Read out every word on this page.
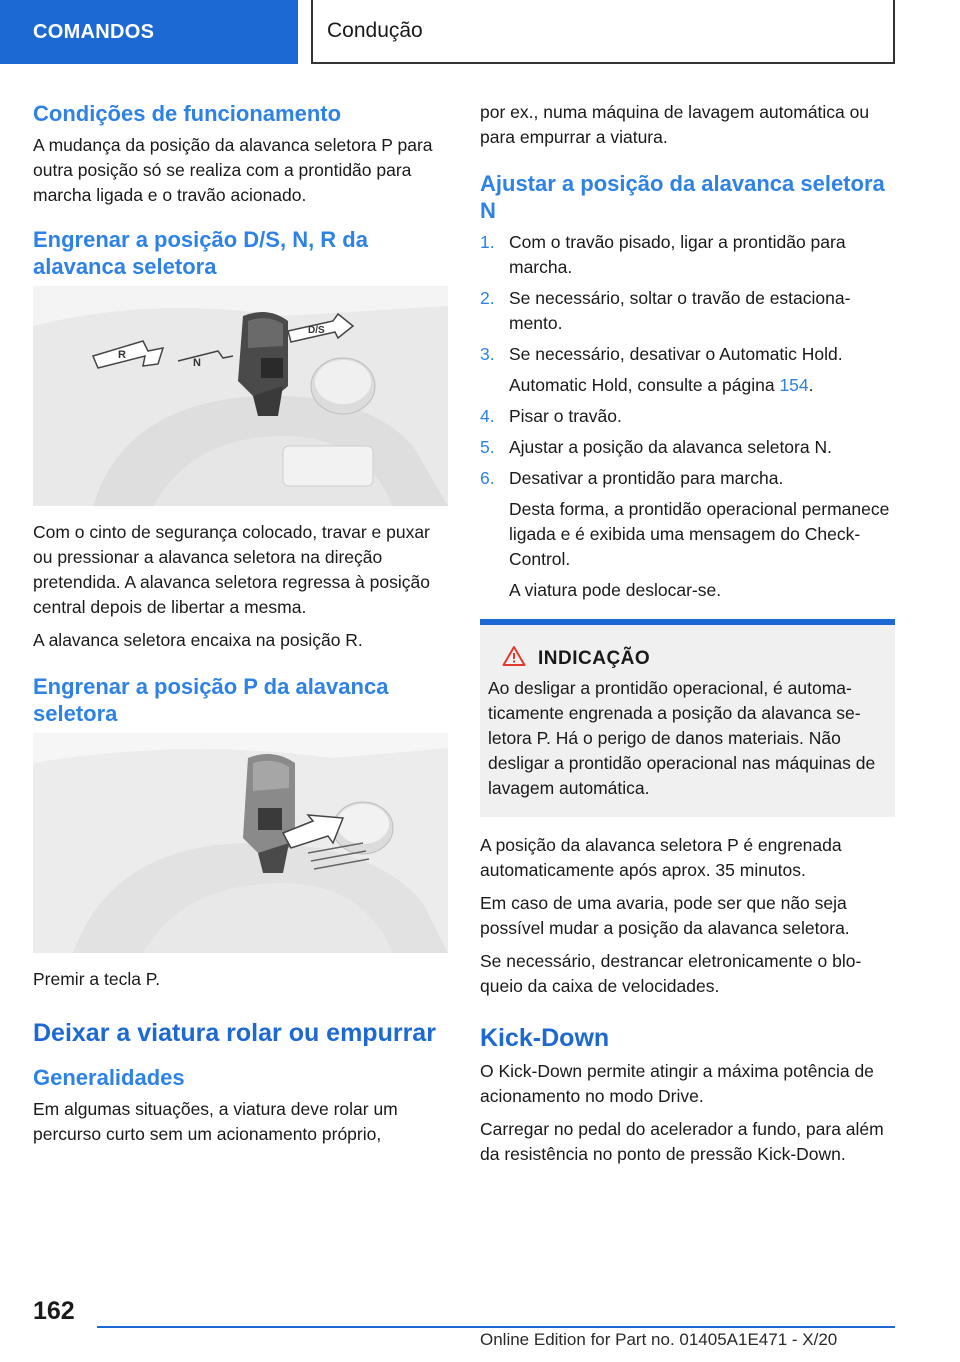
COMANDOS	Condução
Condições de funcionamento

A mudança da posição da alavanca seletora P para outra posição só se realiza com a prontidão para marcha ligada e o travão acionado.

Engrenar a posição D/S, N, R da alavanca seletora
R
N
D/S

Com o cinto de segurança colocado, travar e puxar ou pressionar a alavanca seletora na direção pretendida. A alavanca seletora regressa à posição central depois de libertar a mesma.

A alavanca seletora encaixa na posição R.

Engrenar a posição P da alavanca seletora

Premir a tecla P.

Deixar a viatura rolar ou empurrar
Generalidades

Em algumas situações, a viatura deve rolar um percurso curto sem um acionamento próprio,

por ex., numa máquina de lavagem automática ou para empurrar a viatura.

Ajustar a posição da alavanca seletora N
1. Com o travão pisado, ligar a prontidão para marcha.
2. Se necessário, soltar o travão de estacionamento.
3. Se necessário, desativar o Automatic Hold.

Automatic Hold, consulte a página 154.

4. Pisar o travão.
5. Ajustar a posição da alavanca seletora N.
6. Desativar a prontidão para marcha.

Desta forma, a prontidão operacional permanece ligada e é exibida uma mensagem do Check-Control.

A viatura pode deslocar-se.

INDICAÇÃO

Ao desligar a prontidão operacional, é automaticamente engrenada a posição da alavanca seletora P. Há o perigo de danos materiais. Não desligar a prontidão operacional nas máquinas de lavagem automática.

A posição da alavanca seletora P é engrenada automaticamente após aprox. 35 minutos.

Em caso de uma avaria, pode ser que não seja possível mudar a posição da alavanca seletora.

Se necessário, destrancar eletronicamente o bloqueio da caixa de velocidades.

Kick-Down

O Kick-Down permite atingir a máxima potência de acionamento no modo Drive.

Carregar no pedal do acelerador a fundo, para além da resistência no ponto de pressão Kick-Down.

162
Online Edition for Part no. 01405A1E471 - X/20
